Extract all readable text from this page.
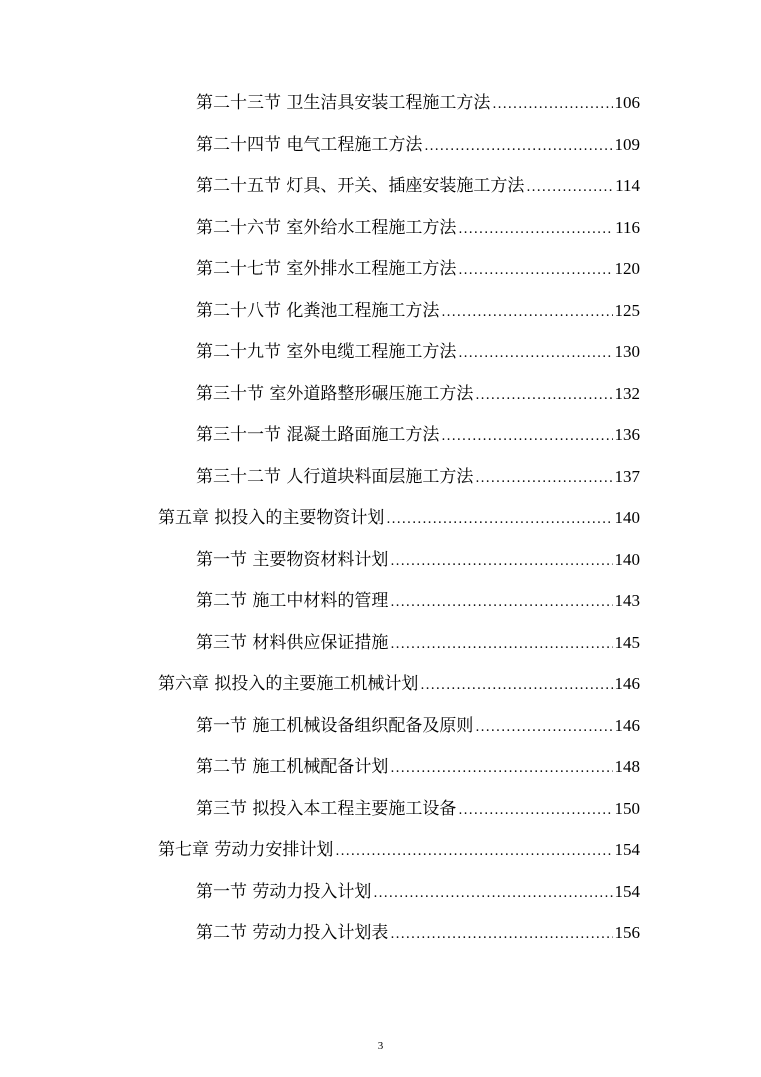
第二十三节 卫生洁具安装工程施工方法 .....	106
第二十四节 电气工程施工方法 .....	109
第二十五节 灯具、开关、插座安装施工方法 .....	114
第二十六节 室外给水工程施工方法 .....	116
第二十七节 室外排水工程施工方法 .....	120
第二十八节 化粪池工程施工方法 .....	125
第二十九节 室外电缆工程施工方法 .....	130
第三十节 室外道路整形碾压施工方法 .....	132
第三十一节 混凝土路面施工方法 .....	136
第三十二节 人行道块料面层施工方法 .....	137
第五章 拟投入的主要物资计划 .....	140
第一节 主要物资材料计划 .....	140
第二节 施工中材料的管理 .....	143
第三节 材料供应保证措施 .....	145
第六章 拟投入的主要施工机械计划 .....	146
第一节 施工机械设备组织配备及原则 .....	146
第二节 施工机械配备计划 .....	148
第三节 拟投入本工程主要施工设备 .....	150
第七章 劳动力安排计划 .....	154
第一节 劳动力投入计划 .....	154
第二节 劳动力投入计划表 .....	156
3
